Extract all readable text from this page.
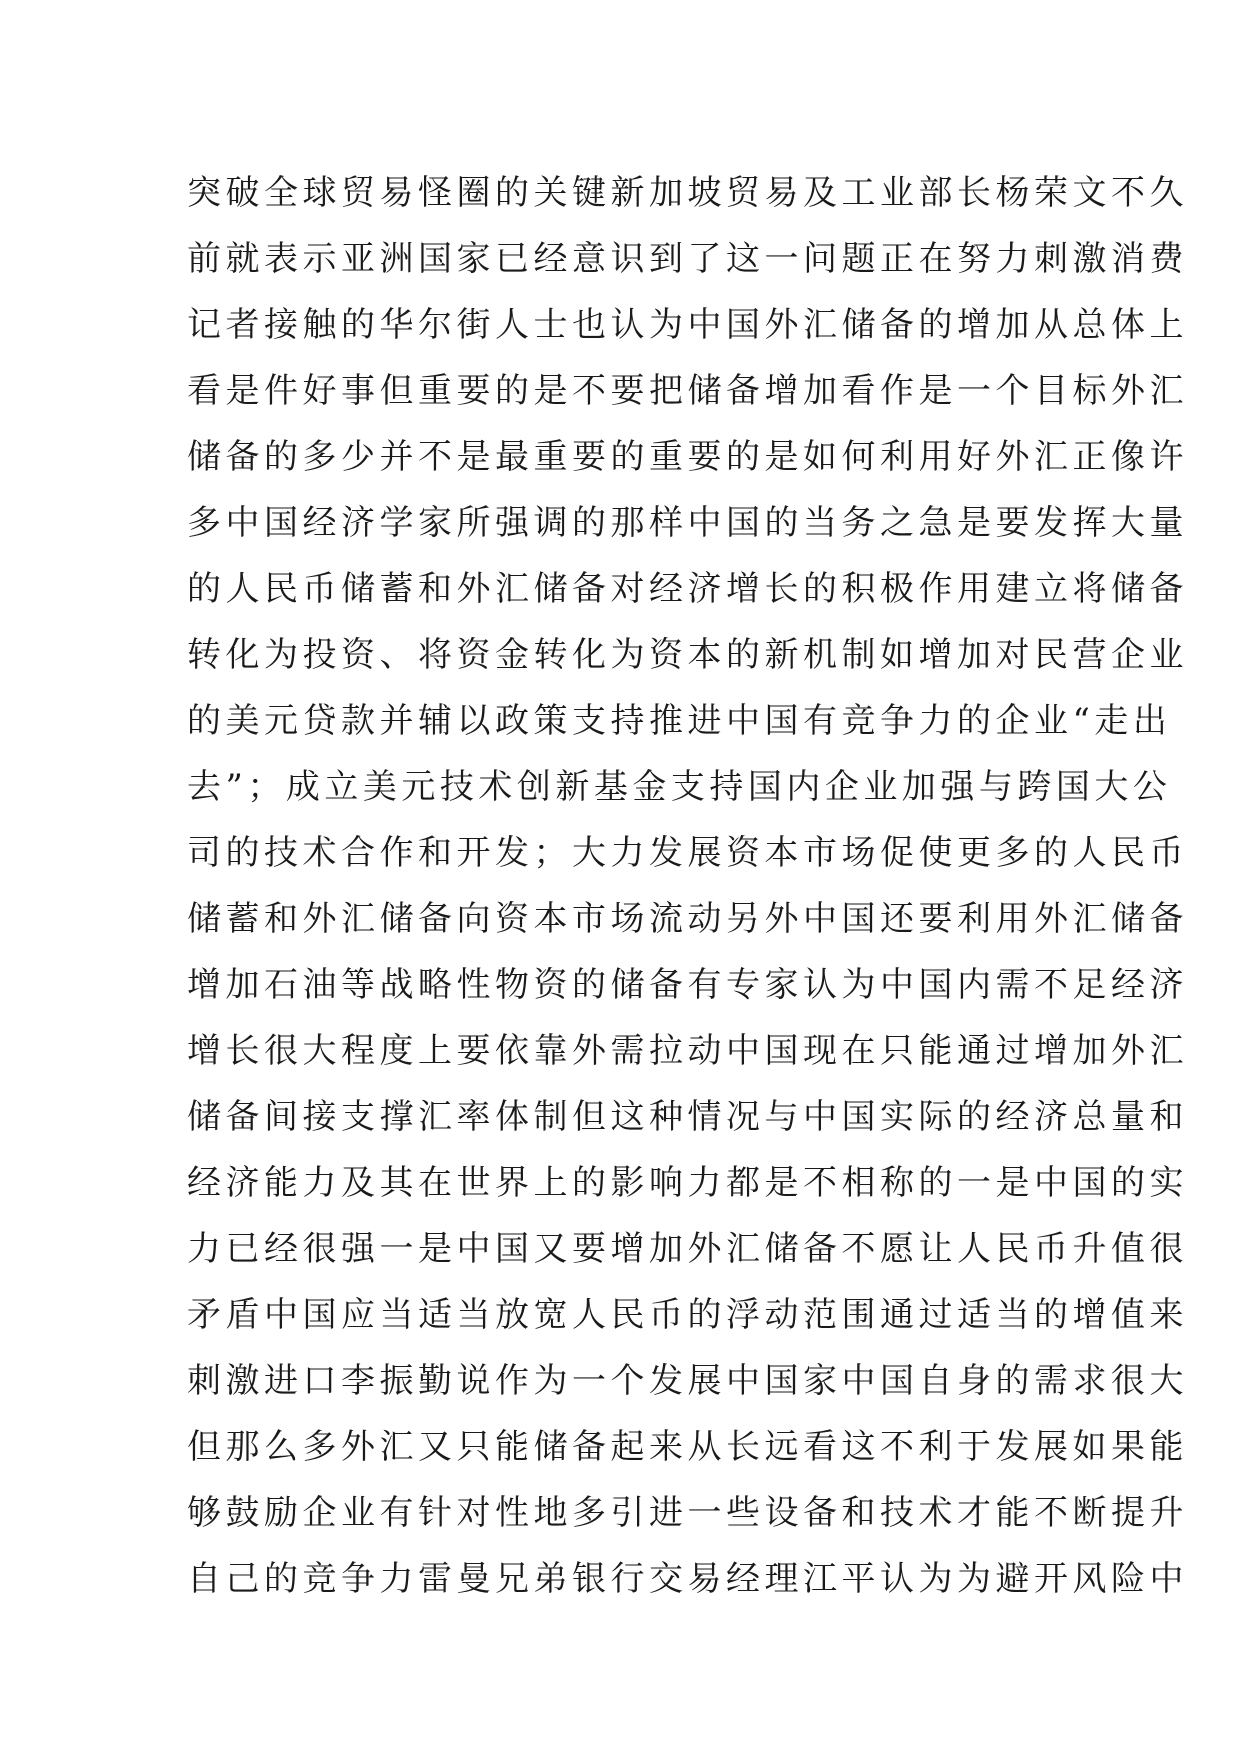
突破全球贸易怪圈的关键新加坡贸易及工业部长杨荣文不久
前就表示亚洲国家已经意识到了这一问题正在努力刺激消费
记者接触的华尔街人士也认为中国外汇储备的增加从总体上
看是件好事但重要的是不要把储备增加看作是一个目标外汇
储备的多少并不是最重要的重要的是如何利用好外汇正像许
多中国经济学家所强调的那样中国的当务之急是要发挥大量
的人民币储蓄和外汇储备对经济增长的积极作用建立将储备
转化为投资、将资金转化为资本的新机制如增加对民营企业
的美元贷款并辅以政策支持推进中国有竞争力的企业“走出
去”；成立美元技术创新基金支持国内企业加强与跨国大公
司的技术合作和开发；大力发展资本市场促使更多的人民币
储蓄和外汇储备向资本市场流动另外中国还要利用外汇储备
增加石油等战略性物资的储备有专家认为中国内需不足经济
增长很大程度上要依靠外需拉动中国现在只能通过增加外汇
储备间接支撑汇率体制但这种情况与中国实际的经济总量和
经济能力及其在世界上的影响力都是不相称的一是中国的实
力已经很强一是中国又要增加外汇储备不愿让人民币升值很
矛盾中国应当适当放宽人民币的浮动范围通过适当的增值来
刺激进口李振勤说作为一个发展中国家中国自身的需求很大
但那么多外汇又只能储备起来从长远看这不利于发展如果能
够鼓励企业有针对性地多引进一些设备和技术才能不断提升
自己的竞争力雷曼兄弟银行交易经理江平认为为避开风险中
